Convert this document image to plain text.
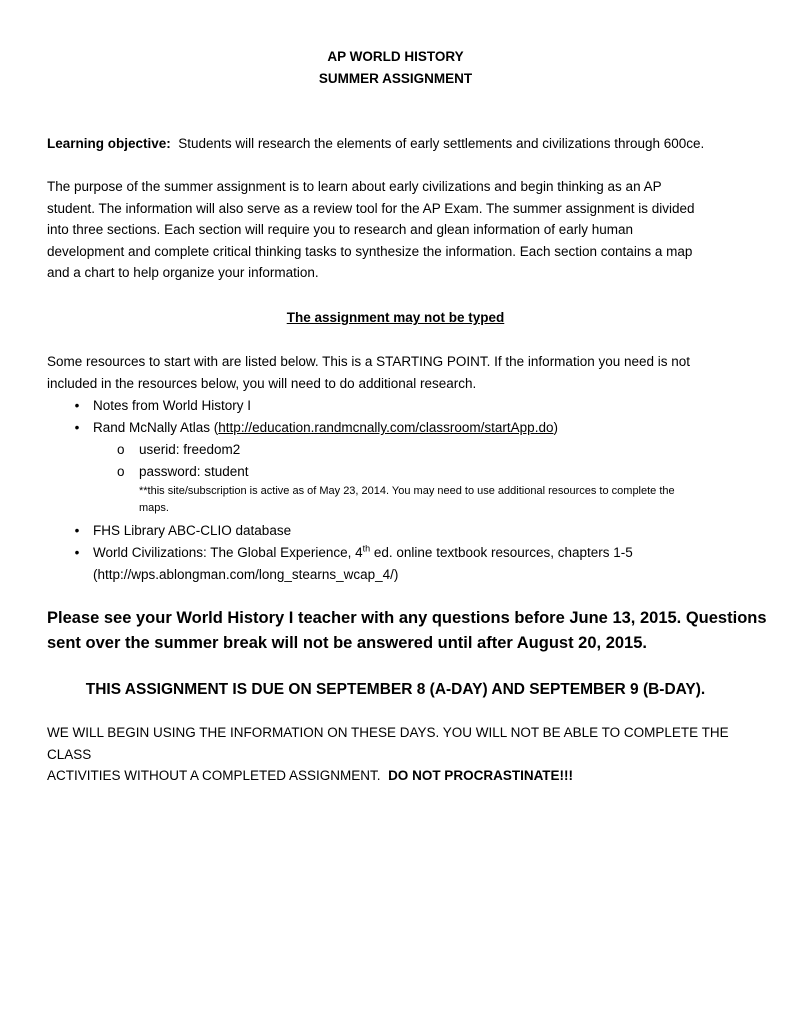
AP WORLD HISTORY
SUMMER ASSIGNMENT
Learning objective:  Students will research the elements of early settlements and civilizations through 600ce.
The purpose of the summer assignment is to learn about early civilizations and begin thinking as an AP
student. The information will also serve as a review tool for the AP Exam. The summer assignment is divided
into three sections. Each section will require you to research and glean information of early human
development and complete critical thinking tasks to synthesize the information. Each section contains a map
and a chart to help organize your information.
The assignment may not be typed
Some resources to start with are listed below. This is a STARTING POINT. If the information you need is not
included in the resources below, you will need to do additional research.
• Notes from World History I
• Rand McNally Atlas (http://education.randmcnally.com/classroom/startApp.do)
o userid: freedom2
o password: student
**this site/subscription is active as of May 23, 2014. You may need to use additional resources to complete the
maps.
• FHS Library ABC-CLIO database
• World Civilizations: The Global Experience, 4th ed. online textbook resources, chapters 1-5
(http://wps.ablongman.com/long_stearns_wcap_4/)
Please see your World History I teacher with any questions before June 13, 2015. Questions
sent over the summer break will not be answered until after August 20, 2015.
THIS ASSIGNMENT IS DUE ON SEPTEMBER 8 (A-DAY) AND SEPTEMBER 9 (B-DAY).
WE WILL BEGIN USING THE INFORMATION ON THESE DAYS. YOU WILL NOT BE ABLE TO COMPLETE THE CLASS
ACTIVITIES WITHOUT A COMPLETED ASSIGNMENT.  DO NOT PROCRASTINATE!!!
